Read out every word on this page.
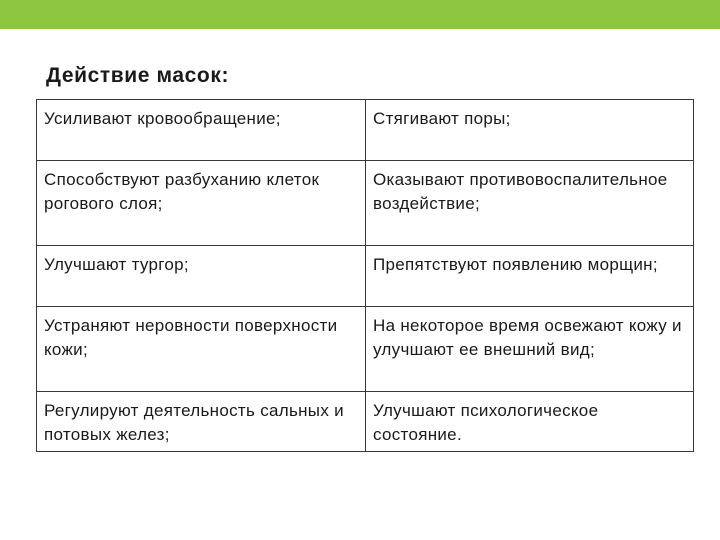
Действие масок:
Усиливают кровообращение;	Стягивают поры;
Способствуют разбуханию клеток рогового слоя;	Оказывают противовоспалительное воздействие;
Улучшают тургор;	Препятствуют появлению морщин;
Устраняют неровности поверхности кожи;	На некоторое время освежают кожу и улучшают ее внешний вид;
Регулируют деятельность сальных и потовых желез;	Улучшают психологическое состояние.
